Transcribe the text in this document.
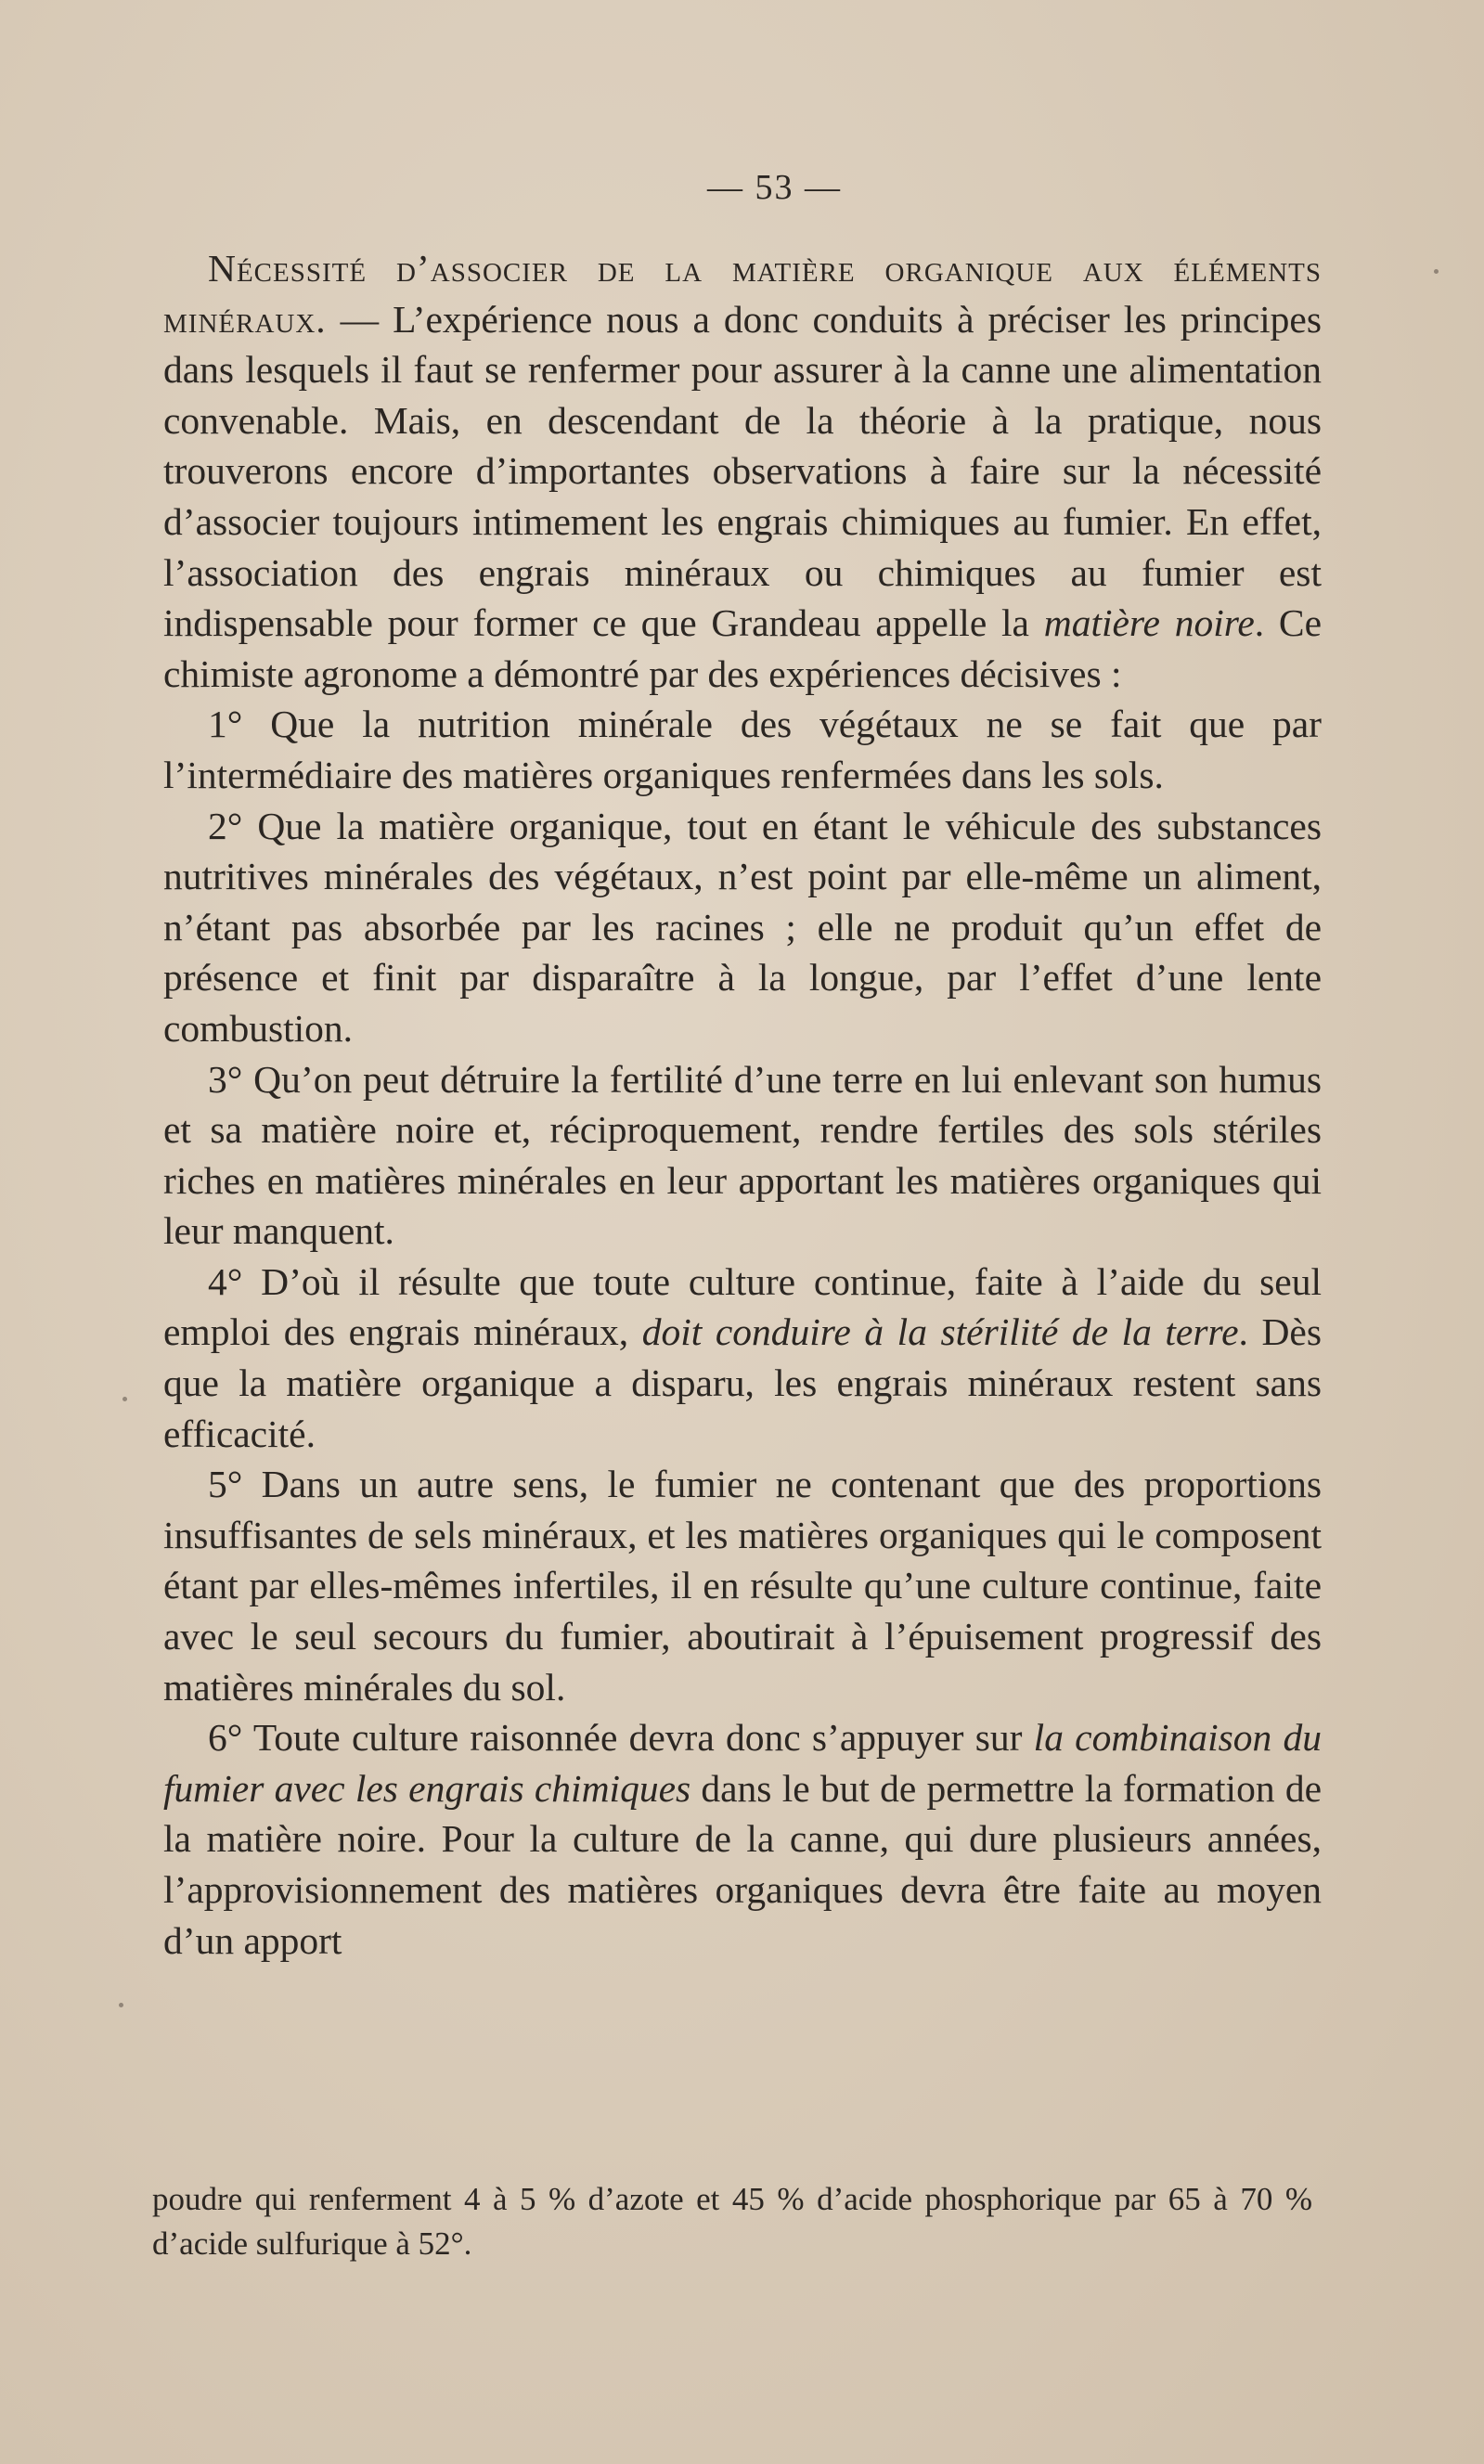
— 53 —

Nécessité d’associer de la matière organique aux éléments minéraux. — L’expérience nous a donc conduits à préciser les principes dans lesquels il faut se renfermer pour assurer à la canne une alimentation convenable. Mais, en descendant de la théorie à la pratique, nous trouverons encore d’importantes observations à faire sur la nécessité d’associer toujours intimement les engrais chimiques au fumier. En effet, l’association des engrais minéraux ou chimiques au fumier est indispensable pour former ce que Grandeau appelle la matière noire. Ce chimiste agronome a démontré par des expériences décisives :

1° Que la nutrition minérale des végétaux ne se fait que par l’intermédiaire des matières organiques renfermées dans les sols.

2° Que la matière organique, tout en étant le véhicule des substances nutritives minérales des végétaux, n’est point par elle-même un aliment, n’étant pas absorbée par les racines ; elle ne produit qu’un effet de présence et finit par disparaître à la longue, par l’effet d’une lente combustion.

3° Qu’on peut détruire la fertilité d’une terre en lui enlevant son humus et sa matière noire et, réciproquement, rendre fertiles des sols stériles riches en matières minérales en leur apportant les matières organiques qui leur manquent.

4° D’où il résulte que toute culture continue, faite à l’aide du seul emploi des engrais minéraux, doit conduire à la stérilité de la terre. Dès que la matière organique a disparu, les engrais minéraux restent sans efficacité.

5° Dans un autre sens, le fumier ne contenant que des proportions insuffisantes de sels minéraux, et les matières organiques qui le composent étant par elles-mêmes infertiles, il en résulte qu’une culture continue, faite avec le seul secours du fumier, aboutirait à l’épuisement progressif des matières minérales du sol.

6° Toute culture raisonnée devra donc s’appuyer sur la combinaison du fumier avec les engrais chimiques dans le but de permettre la formation de la matière noire. Pour la culture de la canne, qui dure plusieurs années, l’approvisionnement des matières organiques devra être faite au moyen d’un apport

poudre qui renferment 4 à 5 % d’azote et 45 % d’acide phosphorique par 65 à 70 % d’acide sulfurique à 52°.
